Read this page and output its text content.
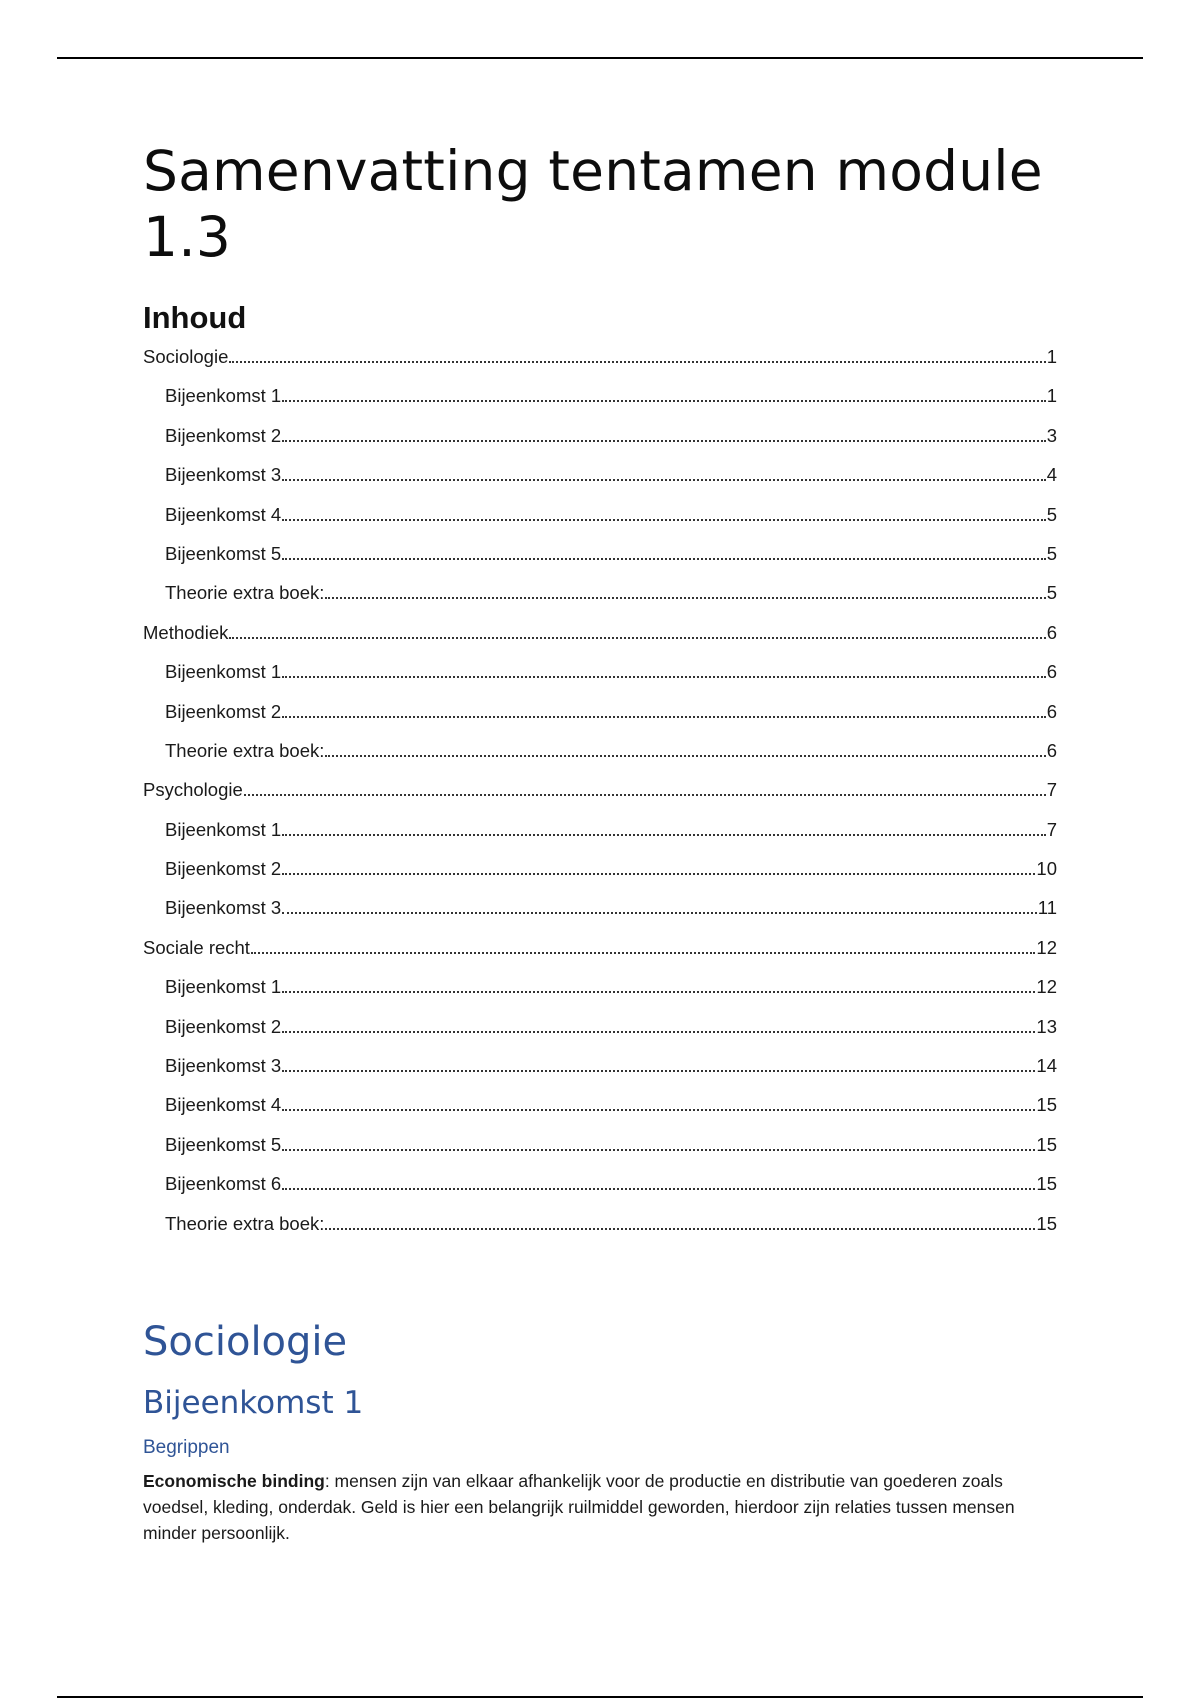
Samenvatting tentamen module 1.3
Inhoud
Sociologie	1
Bijeenkomst 1	1
Bijeenkomst 2	3
Bijeenkomst 3	4
Bijeenkomst 4	5
Bijeenkomst 5	5
Theorie extra boek:	5
Methodiek	6
Bijeenkomst 1	6
Bijeenkomst 2	6
Theorie extra boek:	6
Psychologie	7
Bijeenkomst 1	7
Bijeenkomst 2	10
Bijeenkomst 3	11
Sociale recht	12
Bijeenkomst 1	12
Bijeenkomst 2	13
Bijeenkomst 3	14
Bijeenkomst 4	15
Bijeenkomst 5	15
Bijeenkomst 6	15
Theorie extra boek:	15
Sociologie
Bijeenkomst 1
Begrippen

Economische binding: mensen zijn van elkaar afhankelijk voor de productie en distributie van goederen zoals voedsel, kleding, onderdak. Geld is hier een belangrijk ruilmiddel geworden, hierdoor zijn relaties tussen mensen minder persoonlijk.
